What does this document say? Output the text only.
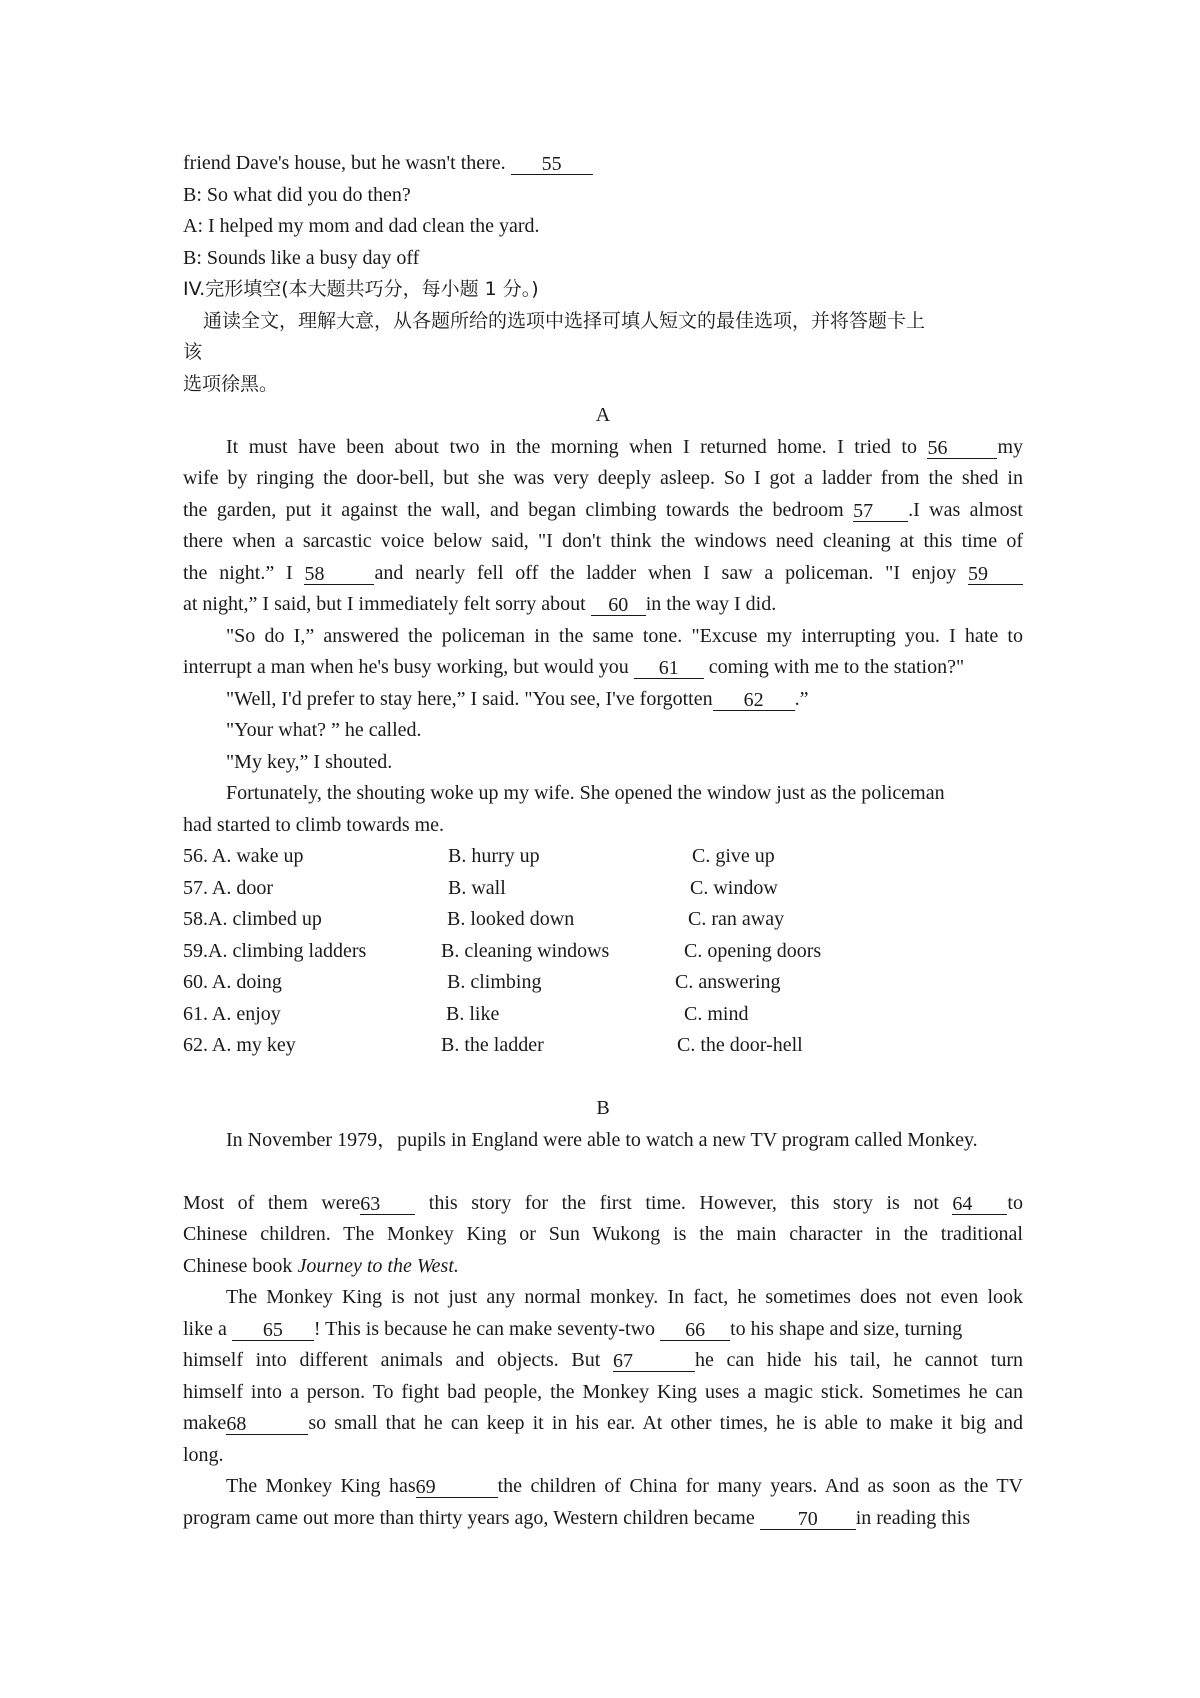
friend Dave's house, but he wasn't there. 55

B: So what did you do then?

A: I helped my mom and dad clean the yard.

B: Sounds like a busy day off

IV.完形填空(本大题共巧分，每小题 1 分。)

通读全文，理解大意，从各题所给的选项中选择可填人短文的最佳选项，并将答题卡上

该

选项徐黑。

A

It must have been about two in the morning when I returned home. I tried to 56	my

wife by ringing the door-bell, but she was very deeply asleep. So I got a ladder from the shed in

the garden, put it against the wall, and began climbing towards the bedroom 57 .I was almost

there when a sarcastic voice below said, "I don't think the windows need cleaning at this time of

the night.” I 58	and nearly fell off the ladder when I saw a policeman. "I enjoy 59

at night,” I said, but I immediately felt sorry about 60 in the way I did.

"So do I,” answered the policeman in the same tone. "Excuse my interrupting you. I hate to

interrupt a man when he's busy working, but would you 61 coming with me to the station?"

"Well, I'd prefer to stay here,” I said. "You see, I've forgotten 62 .”

"Your what? ” he called.

"My key,” I shouted.

Fortunately, the shouting woke up my wife. She opened the window just as the policeman

had started to climb towards me.

56. A. wake up	B. hurry up	C. give up
57. A. door	B. wall	C. window
58.A. climbed up	B. looked down	C. ran away
59.A. climbing ladders	B. cleaning windows	C. opening doors
60. A. doing	B. climbing	C. answering
61. A. enjoy	B. like	C. mind
62. A. my key	B. the ladder	C. the door-hell

B

In November 1979，pupils in England were able to watch a new TV program called Monkey.

Most of them were63 this story for the first time. However, this story is not 64 to

Chinese children. The Monkey King or Sun Wukong is the main character in the traditional

Chinese book Journey to the West.

The Monkey King is not just any normal monkey. In fact, he sometimes does not even look

like a 65 ! This is because he can make seventy-two 66 to his shape and size, turning

himself into different animals and objects. But 67	he can hide his tail, he cannot turn

himself into a person. To fight bad people, the Monkey King uses a magic stick. Sometimes he can

make68	so small that he can keep it in his ear. At other times, he is able to make it big and

long.

The Monkey King has69	the children of China for many years. And as soon as the TV

program came out more than thirty years ago, Western children became 70 in reading this
